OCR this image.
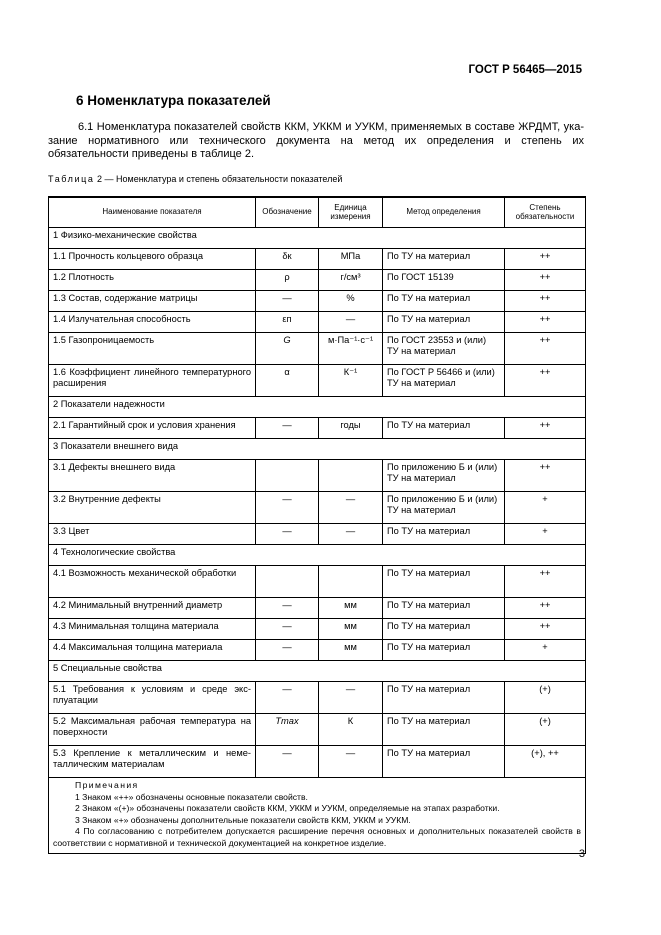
ГОСТ Р 56465—2015
6 Номенклатура показателей
6.1 Номенклатура показателей свойств ККМ, УККМ и УУКМ, применяемых в составе ЖРДМТ, указание нормативного или технического документа на метод их определения и степень их обязательности приведены в таблице 2.
Таблица 2 — Номенклатура и степень обязательности показателей
Наименование показателя	Обозначение	Единица измерения	Метод определения	Степень обязательности
1 Физико-механические свойства				
1.1 Прочность кольцевого образца	δк	МПа	По ТУ на материал	++
1.2 Плотность	ρ	г/см³	По ГОСТ 15139	++
1.3 Состав, содержание матрицы	—	%	По ТУ на материал	++
1.4 Излучательная способность	εп	—	По ТУ на материал	++
1.5 Газопроницаемость	G	м·Па⁻¹·с⁻¹	По ГОСТ 23553 и (или) ТУ на материал	++
1.6 Коэффициент линейного температурного расширения	α	К⁻¹	По ГОСТ Р 56466 и (или) ТУ на материал	++
2 Показатели надежности				
2.1 Гарантийный срок и условия хранения	—	годы	По ТУ на материал	++
3 Показатели внешнего вида				
3.1 Дефекты внешнего вида			По приложению Б и (или) ТУ на материал	++
3.2 Внутренние дефекты	—	—	По приложению Б и (или) ТУ на материал	+
3.3 Цвет	—	—	По ТУ на материал	+
4 Технологические свойства				
4.1 Возможность механической обработки			По ТУ на материал	++
4.2 Минимальный внутренний диаметр	—	мм	По ТУ на материал	++
4.3 Минимальная толщина материала	—	мм	По ТУ на материал	++
4.4 Максимальная толщина материала	—	мм	По ТУ на материал	+
5 Специальные свойства				
5.1 Требования к условиям и среде эксплуатации	—	—	По ТУ на материал	(+)
5.2 Максимальная рабочая температура на поверхности	Tmax	К	По ТУ на материал	(+)
5.3 Крепление к металлическим и неметаллическим материалам	—	—	По ТУ на материал	(+), ++

Примечания
1 Знаком «++» обозначены основные показатели свойств.
2 Знаком «(+)» обозначены показатели свойств ККМ, УККМ и УУКМ, определяемые на этапах разработки.
3 Знаком «+» обозначены дополнительные показатели свойств ККМ, УККМ и УУКМ.
4 По согласованию с потребителем допускается расширение перечня основных и дополнительных показателей свойств в соответствии с нормативной и технической документацией на конкретное изделие.				
3
